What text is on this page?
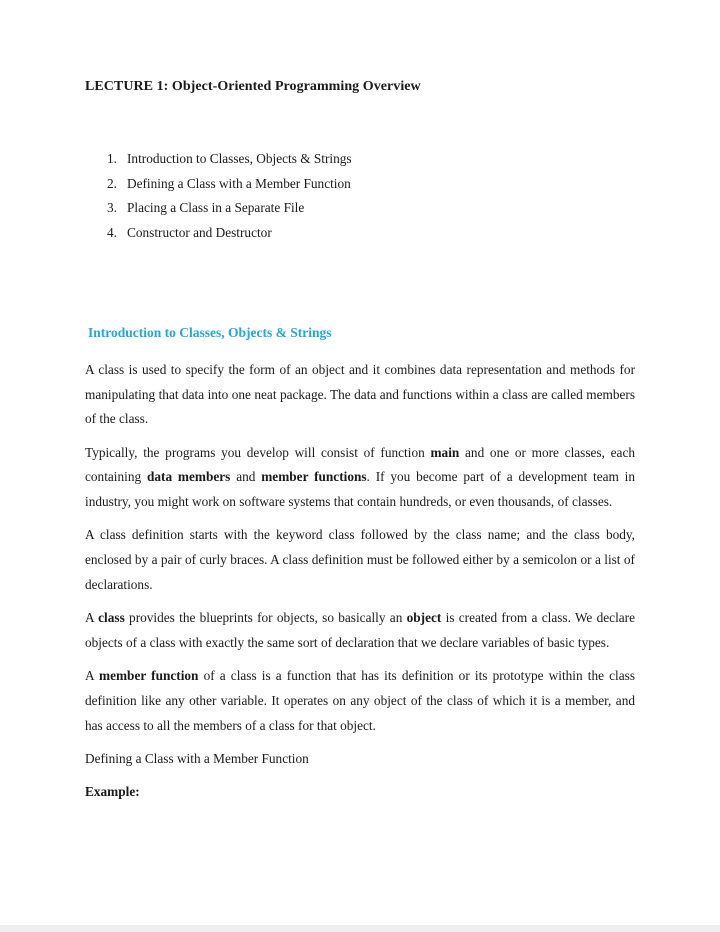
LECTURE 1: Object-Oriented Programming Overview
1. Introduction to Classes, Objects & Strings
2. Defining a Class with a Member Function
3. Placing a Class in a Separate File
4. Constructor and Destructor
Introduction to Classes, Objects & Strings

A class is used to specify the form of an object and it combines data representation and methods for manipulating that data into one neat package. The data and functions within a class are called members of the class.

Typically, the programs you develop will consist of function main and one or more classes, each containing data members and member functions. If you become part of a development team in industry, you might work on software systems that contain hundreds, or even thousands, of classes.

A class definition starts with the keyword class followed by the class name; and the class body, enclosed by a pair of curly braces. A class definition must be followed either by a semicolon or a list of declarations.

A class provides the blueprints for objects, so basically an object is created from a class. We declare objects of a class with exactly the same sort of declaration that we declare variables of basic types.

A member function of a class is a function that has its definition or its prototype within the class definition like any other variable. It operates on any object of the class of which it is a member, and has access to all the members of a class for that object.

Defining a Class with a Member Function

Example:
